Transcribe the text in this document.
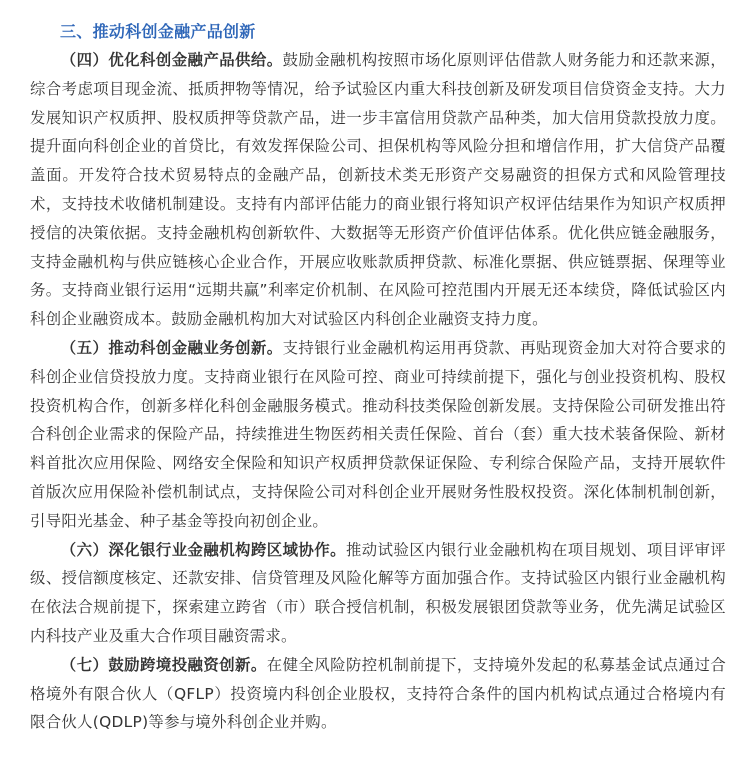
三、推动科创金融产品创新

（四）优化科创金融产品供给。鼓励金融机构按照市场化原则评估借款人财务能力和还款来源，综合考虑项目现金流、抵质押物等情况，给予试验区内重大科技创新及研发项目信贷资金支持。大力发展知识产权质押、股权质押等贷款产品，进一步丰富信用贷款产品种类，加大信用贷款投放力度。提升面向科创企业的首贷比，有效发挥保险公司、担保机构等风险分担和增信作用，扩大信贷产品覆盖面。开发符合技术贸易特点的金融产品，创新技术类无形资产交易融资的担保方式和风险管理技术，支持技术收储机制建设。支持有内部评估能力的商业银行将知识产权评估结果作为知识产权质押授信的决策依据。支持金融机构创新软件、大数据等无形资产价值评估体系。优化供应链金融服务，支持金融机构与供应链核心企业合作，开展应收账款质押贷款、标准化票据、供应链票据、保理等业务。支持商业银行运用“远期共赢”利率定价机制、在风险可控范围内开展无还本续贷，降低试验区内科创企业融资成本。鼓励金融机构加大对试验区内科创企业融资支持力度。

（五）推动科创金融业务创新。支持银行业金融机构运用再贷款、再贴现资金加大对符合要求的科创企业信贷投放力度。支持商业银行在风险可控、商业可持续前提下，强化与创业投资机构、股权投资机构合作，创新多样化科创金融服务模式。推动科技类保险创新发展。支持保险公司研发推出符合科创企业需求的保险产品，持续推进生物医药相关责任保险、首台（套）重大技术装备保险、新材料首批次应用保险、网络安全保险和知识产权质押贷款保证保险、专利综合保险产品，支持开展软件首版次应用保险补偿机制试点，支持保险公司对科创企业开展财务性股权投资。深化体制机制创新，引导阳光基金、种子基金等投向初创企业。

（六）深化银行业金融机构跨区域协作。推动试验区内银行业金融机构在项目规划、项目评审评级、授信额度核定、还款安排、信贷管理及风险化解等方面加强合作。支持试验区内银行业金融机构在依法合规前提下，探索建立跨省（市）联合授信机制，积极发展银团贷款等业务，优先满足试验区内科技产业及重大合作项目融资需求。

（七）鼓励跨境投融资创新。在健全风险防控机制前提下，支持境外发起的私募基金试点通过合格境外有限合伙人（QFLP）投资境内科创企业股权，支持符合条件的国内机构试点通过合格境内有限合伙人(QDLP)等参与境外科创企业并购。
